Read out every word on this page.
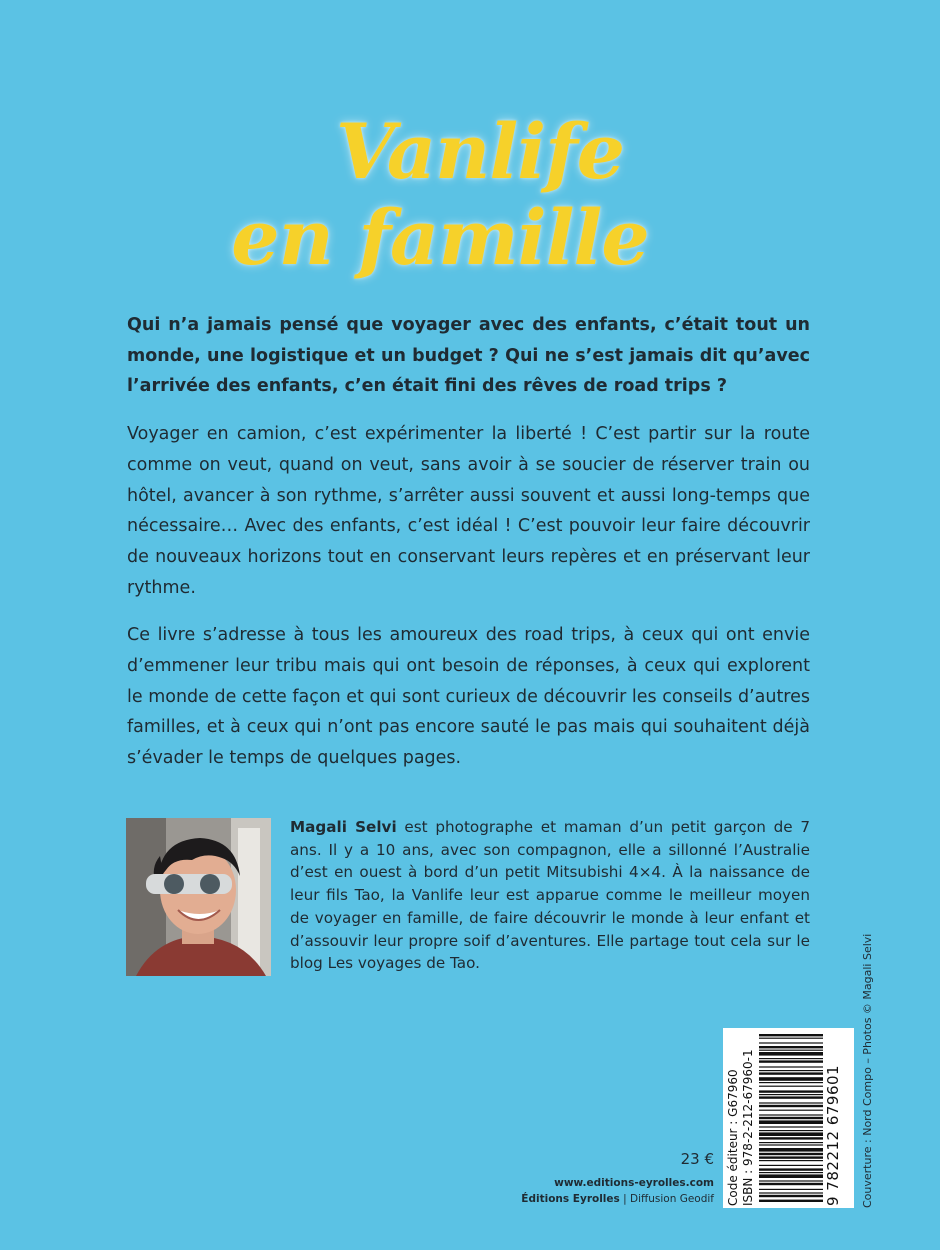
Vanlife
en famille

Qui n’a jamais pensé que voyager avec des enfants, c’était tout un monde, une logistique et un budget ? Qui ne s’est jamais dit qu’avec l’arrivée des enfants, c’en était fini des rêves de road trips ?

Voyager en camion, c’est expérimenter la liberté ! C’est partir sur la route comme on veut, quand on veut, sans avoir à se soucier de réserver train ou hôtel, avancer à son rythme, s’arrêter aussi souvent et aussi long-temps que nécessaire… Avec des enfants, c’est idéal ! C’est pouvoir leur faire découvrir de nouveaux horizons tout en conservant leurs repères et en préservant leur rythme.

Ce livre s’adresse à tous les amoureux des road trips, à ceux qui ont envie d’emmener leur tribu mais qui ont besoin de réponses, à ceux qui explorent le monde de cette façon et qui sont curieux de découvrir les conseils d’autres familles, et à ceux qui n’ont pas encore sauté le pas mais qui souhaitent déjà s’évader le temps de quelques pages.

Magali Selvi est photographe et maman d’un petit garçon de 7 ans. Il y a 10 ans, avec son compagnon, elle a sillonné l’Australie d’est en ouest à bord d’un petit Mitsubishi 4×4. À la naissance de leur fils Tao, la Vanlife leur est apparue comme le meilleur moyen de voyager en famille, de faire découvrir le monde à leur enfant et d’assouvir leur propre soif d’aventures. Elle partage tout cela sur le blog Les voyages de Tao.	Couverture : Nord Compo – Photos © Magali Selvi
Code éditeur : G67960 ISBN : 978-2-212-67960-1	9 782212 679601

23 €

www.editions-eyrolles.com

Éditions Eyrolles | Diffusion Geodif
